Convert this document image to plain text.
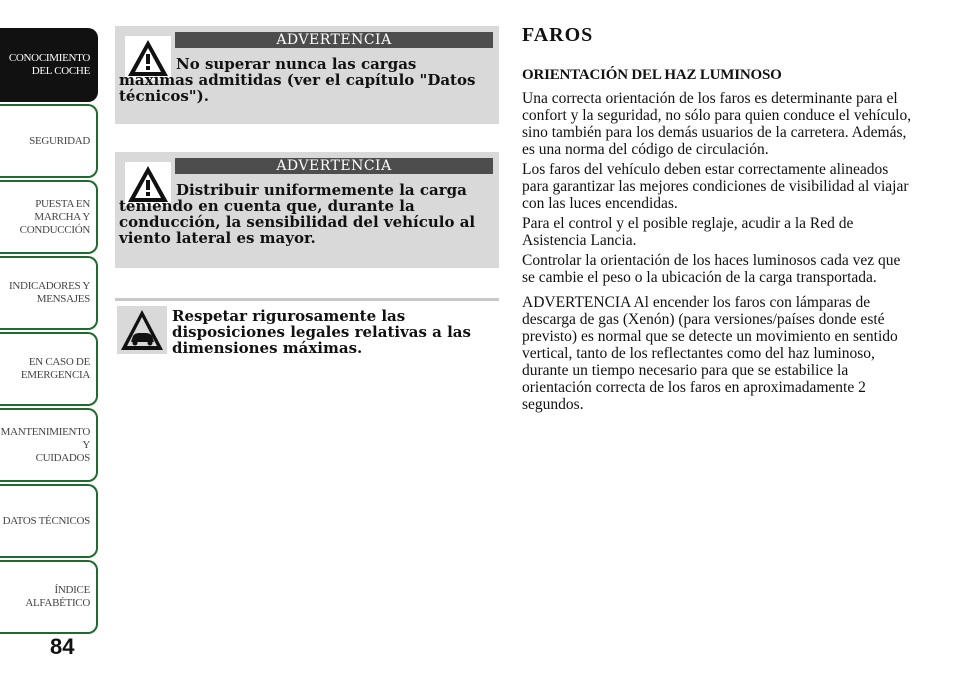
CONOCIMIENTO
DEL COCHE
SEGURIDAD
PUESTA EN
MARCHA Y
CONDUCCIÓN
INDICADORES Y
MENSAJES
EN CASO DE
EMERGENCIA
MANTENIMIENTO Y
CUIDADOS
DATOS TÉCNICOS
ÍNDICE
ALFABÉTICO
84
ADVERTENCIA
No superar nunca las cargas máximas admitidas (ver el capítulo "Datos técnicos").
ADVERTENCIA
Distribuir uniformemente la carga teniendo en cuenta que, durante la conducción, la sensibilidad del vehículo al viento lateral es mayor.
Respetar rigurosamente las disposiciones legales relativas a las dimensiones máximas.
FAROS
ORIENTACIÓN DEL HAZ LUMINOSO

Una correcta orientación de los faros es determinante para el confort y la seguridad, no sólo para quien conduce el vehículo, sino también para los demás usuarios de la carretera. Además, es una norma del código de circulación.

Los faros del vehículo deben estar correctamente alineados para garantizar las mejores condiciones de visibilidad al viajar con las luces encendidas.

Para el control y el posible reglaje, acudir a la Red de Asistencia Lancia.

Controlar la orientación de los haces luminosos cada vez que se cambie el peso o la ubicación de la carga transportada.

ADVERTENCIA Al encender los faros con lámparas de descarga de gas (Xenón) (para versiones/países donde esté previsto) es normal que se detecte un movimiento en sentido vertical, tanto de los reflectantes como del haz luminoso, durante un tiempo necesario para que se estabilice la orientación correcta de los faros en aproximadamente 2 segundos.
